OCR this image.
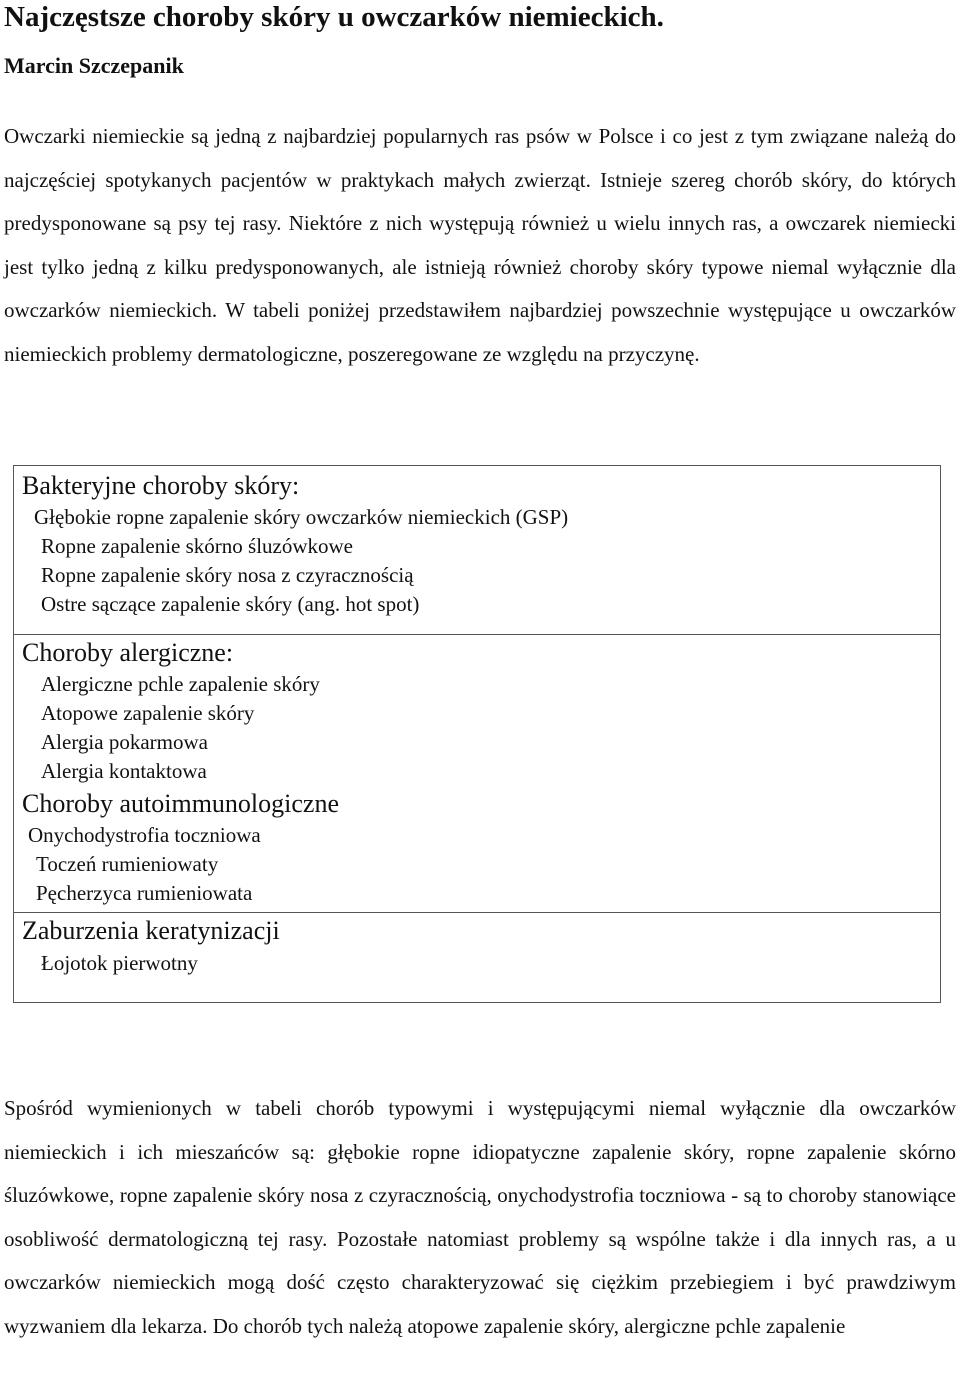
Najczęstsze choroby skóry u owczarków niemieckich.
Marcin Szczepanik

Owczarki niemieckie są jedną z najbardziej popularnych ras psów w Polsce i co jest z tym związane należą do najczęściej spotykanych pacjentów w praktykach małych zwierząt. Istnieje szereg chorób skóry, do których predysponowane są psy tej rasy. Niektóre z nich występują również u wielu innych ras, a owczarek niemiecki jest tylko jedną z kilku predysponowanych, ale istnieją również choroby skóry typowe niemal wyłącznie dla owczarków niemieckich. W tabeli poniżej przedstawiłem najbardziej powszechnie występujące u owczarków niemieckich problemy dermatologiczne, poszeregowane ze względu na przyczynę.

Bakteryjne choroby skóry:
Głębokie ropne zapalenie skóry owczarków niemieckich (GSP)
Ropne zapalenie skórno śluzówkowe
Ropne zapalenie skóry nosa z czyracznością
Ostre sączące zapalenie skóry (ang. hot spot)
Choroby alergiczne:
Alergiczne pchle zapalenie skóry
Atopowe zapalenie skóry
Alergia pokarmowa
Alergia kontaktowa
Choroby autoimmunologiczne
Onychodystrofia toczniowa
Toczeń rumieniowaty
Pęcherzyca rumieniowata
Zaburzenia keratynizacji
Łojotok pierwotny

Spośród wymienionych w tabeli chorób typowymi i występującymi niemal wyłącznie dla owczarków niemieckich i ich mieszańców są: głębokie ropne idiopatyczne zapalenie skóry, ropne zapalenie skórno śluzówkowe, ropne zapalenie skóry nosa z czyracznością, onychodystrofia toczniowa - są to choroby stanowiące osobliwość dermatologiczną tej rasy. Pozostałe natomiast problemy są wspólne także i dla innych ras, a u owczarków niemieckich mogą dość często charakteryzować się ciężkim przebiegiem i być prawdziwym wyzwaniem dla lekarza. Do chorób tych należą atopowe zapalenie skóry, alergiczne pchle zapalenie
